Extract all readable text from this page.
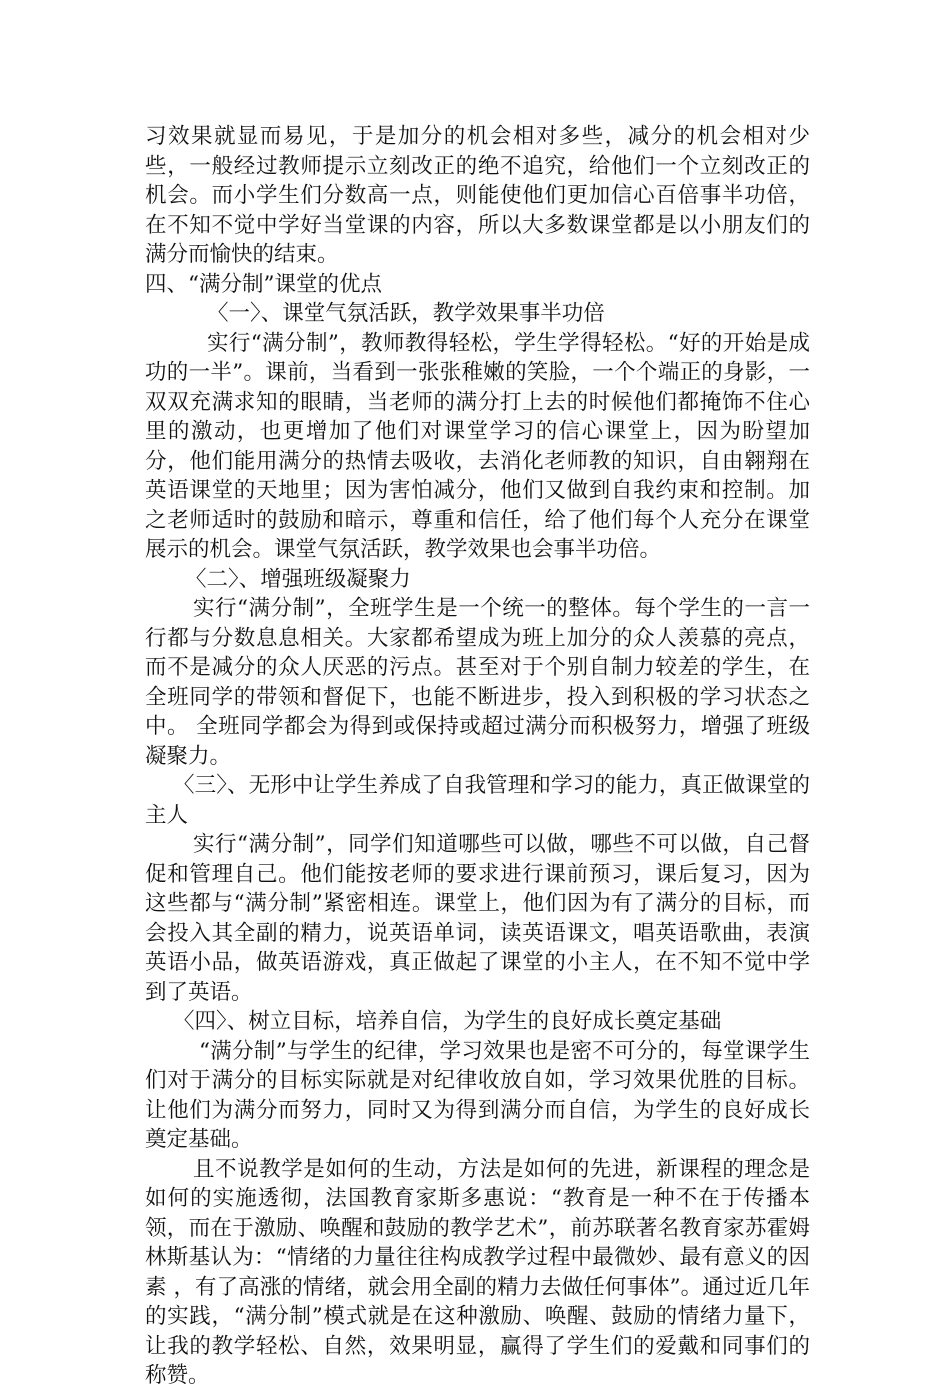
习效果就显而易见，于是加分的机会相对多些，减分的机会相对少些，一般经过教师提示立刻改正的绝不追究，给他们一个立刻改正的机会。而小学生们分数高一点，则能使他们更加信心百倍事半功倍，在不知不觉中学好当堂课的内容，所以大多数课堂都是以小朋友们的满分而愉快的结束。

四、“满分制”课堂的优点

〈一〉、课堂气氛活跃，教学效果事半功倍

实行“满分制”，教师教得轻松，学生学得轻松。“好的开始是成功的一半”。课前，当看到一张张稚嫩的笑脸，一个个端正的身影，一双双充满求知的眼睛，当老师的满分打上去的时候他们都掩饰不住心里的激动，也更增加了他们对课堂学习的信心课堂上，因为盼望加分，他们能用满分的热情去吸收，去消化老师教的知识，自由翱翔在英语课堂的天地里；因为害怕减分，他们又做到自我约束和控制。加之老师适时的鼓励和暗示，尊重和信任，给了他们每个人充分在课堂展示的机会。课堂气氛活跃，教学效果也会事半功倍。

〈二〉、增强班级凝聚力

实行“满分制”，全班学生是一个统一的整体。每个学生的一言一行都与分数息息相关。大家都希望成为班上加分的众人羡慕的亮点，而不是减分的众人厌恶的污点。甚至对于个别自制力较差的学生，在全班同学的带领和督促下，也能不断进步，投入到积极的学习状态之中。 全班同学都会为得到或保持或超过满分而积极努力，增强了班级凝聚力。

〈三〉、无形中让学生养成了自我管理和学习的能力，真正做课堂的主人

实行“满分制”，同学们知道哪些可以做，哪些不可以做，自己督促和管理自己。他们能按老师的要求进行课前预习，课后复习，因为这些都与“满分制”紧密相连。课堂上，他们因为有了满分的目标，而会投入其全副的精力，说英语单词，读英语课文，唱英语歌曲，表演英语小品，做英语游戏，真正做起了课堂的小主人，在不知不觉中学到了英语。

〈四〉、树立目标，培养自信，为学生的良好成长奠定基础

“满分制”与学生的纪律，学习效果也是密不可分的，每堂课学生们对于满分的目标实际就是对纪律收放自如，学习效果优胜的目标。让他们为满分而努力，同时又为得到满分而自信，为学生的良好成长奠定基础。

且不说教学是如何的生动，方法是如何的先进，新课程的理念是如何的实施透彻，法国教育家斯多惠说：“教育是一种不在于传播本领，而在于激励、唤醒和鼓励的教学艺术”，前苏联著名教育家苏霍姆林斯基认为：“情绪的力量往往构成教学过程中最微妙、最有意义的因素 ，有了高涨的情绪，就会用全副的精力去做任何事体”。通过近几年的实践，“满分制”模式就是在这种激励、唤醒、鼓励的情绪力量下，让我的教学轻松、自然，效果明显，赢得了学生们的爱戴和同事们的称赞。
